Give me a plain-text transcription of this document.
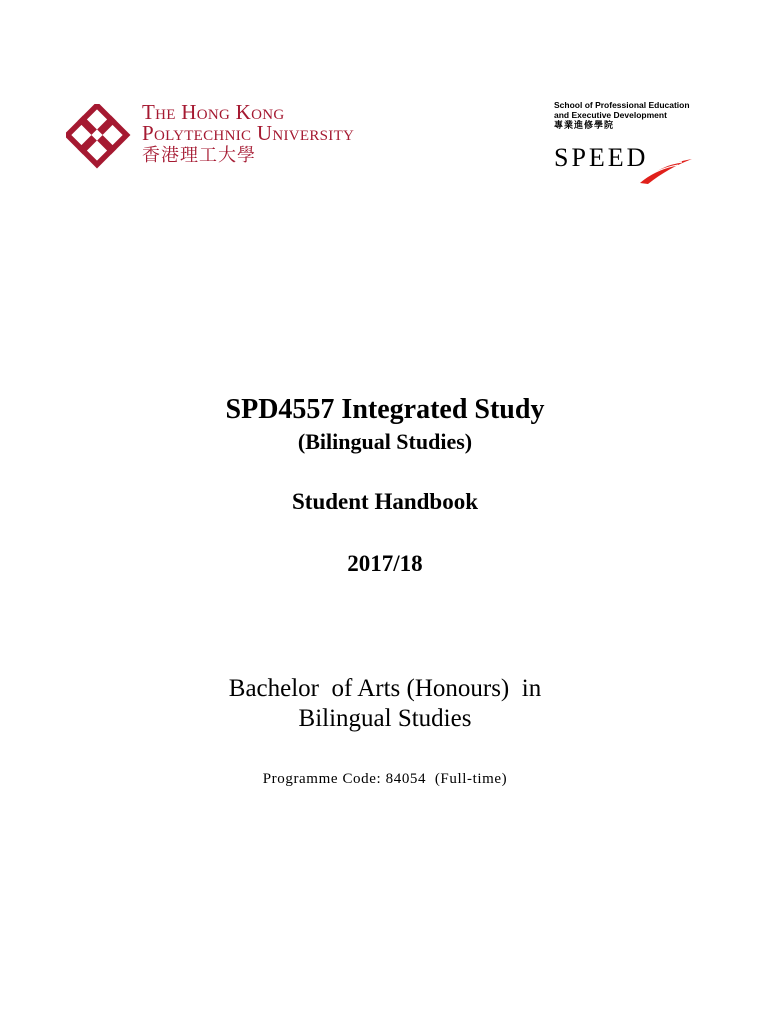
The Hong Kong
Polytechnic University
香港理工大學
School of Professional Education
and Executive Development
專業進修學院
SPEED
SPD4557 Integrated Study
(Bilingual Studies)
Student Handbook
2017/18
Bachelor  of Arts (Honours)  in
Bilingual Studies
Programme Code: 84054  (Full-time)
